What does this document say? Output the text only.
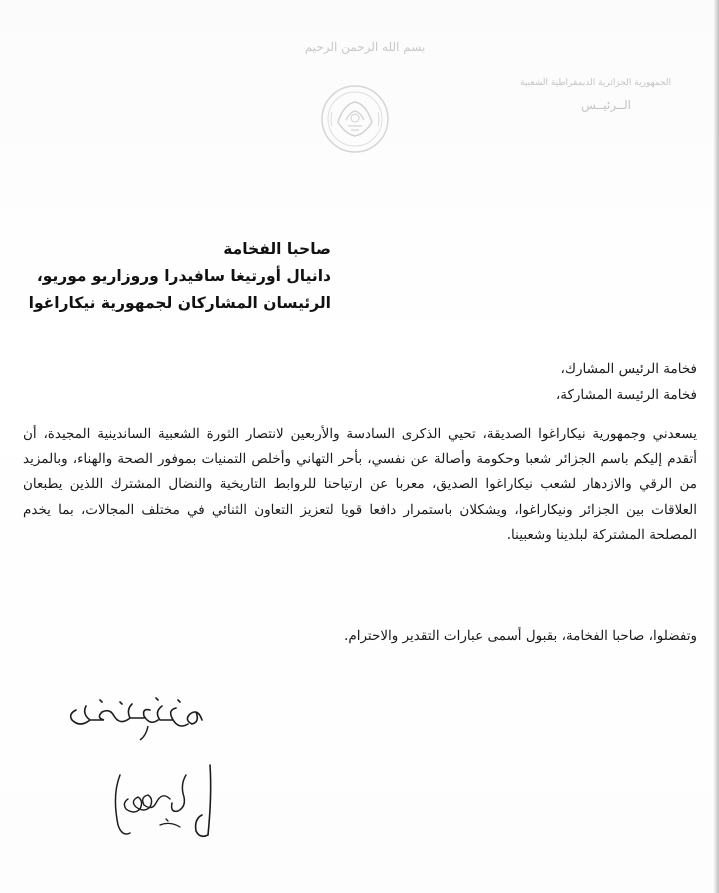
بسم الله الرحمن الرحيم
الجمهورية الجزائرية الديمقراطية الشعبية
الــرئيــس
صاحبا الفخامة
دانيال أورتيغا سافيدرا وروزاريو موريو،
الرئيسان المشاركان لجمهورية نيكاراغوا
فخامة الرئيس المشارك،
فخامة الرئيسة المشاركة،
يسعدني وجمهورية نيكاراغوا الصديقة، تحيي الذكرى السادسة والأربعين لانتصار الثورة الشعبية الساندينية المجيدة، أن أتقدم إليكم باسم الجزائر شعبا وحكومة وأصالة عن نفسي، بأحر التهاني وأخلص التمنيات بموفور الصحة والهناء، وبالمزيد من الرقي والازدهار لشعب نيكاراغوا الصديق، معربا عن ارتياحنا للروابط التاريخية والنضال المشترك اللذين يطبعان العلاقات بين الجزائر ونيكاراغوا، ويشكلان باستمرار دافعا قويا لتعزيز التعاون الثنائي في مختلف المجالات، بما يخدم المصلحة المشتركة لبلدينا وشعبينا.
وتفضلوا، صاحبا الفخامة، بقبول أسمى عبارات التقدير والاحترام.
